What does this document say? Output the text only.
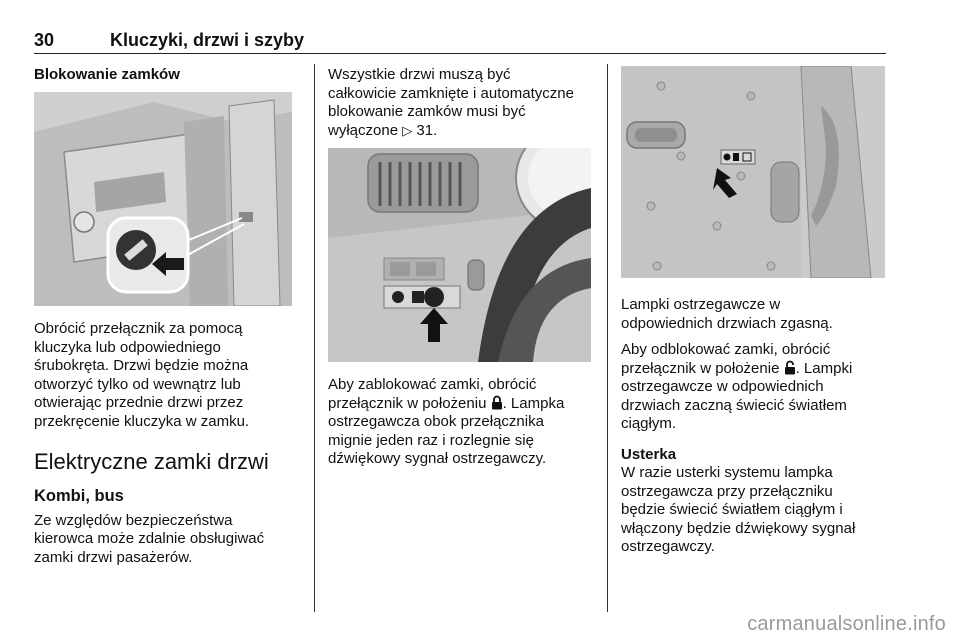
30	Kluczyki, drzwi i szyby

Blokowanie zamków

Obrócić przełącznik za pomocą
kluczyka lub odpowiedniego
śrubokręta. Drzwi będzie można
otworzyć tylko od wewnątrz lub
otwierając przednie drzwi przez
przekręcenie kluczyka w zamku.

Elektryczne zamki drzwi

Kombi, bus

Ze względów bezpieczeństwa
kierowca może zdalnie obsługiwać
zamki drzwi pasażerów.

Wszystkie drzwi muszą być
całkowicie zamknięte i automatyczne
blokowanie zamków musi być
wyłączone ▷ 31.

Aby zablokować zamki, obrócić
przełącznik w położeniu . Lampka
ostrzegawcza obok przełącznika
mignie jeden raz i rozlegnie się
dźwiękowy sygnał ostrzegawczy.

Lampki ostrzegawcze w
odpowiednich drzwiach zgasną.

Aby odblokować zamki, obrócić
przełącznik w położenie . Lampki
ostrzegawcze w odpowiednich
drzwiach zaczną świecić światłem
ciągłym.

Usterka

W razie usterki systemu lampka
ostrzegawcza przy przełączniku
będzie świecić światłem ciągłym i
włączony będzie dźwiękowy sygnał
ostrzegawczy.

carmanualsonline.info
